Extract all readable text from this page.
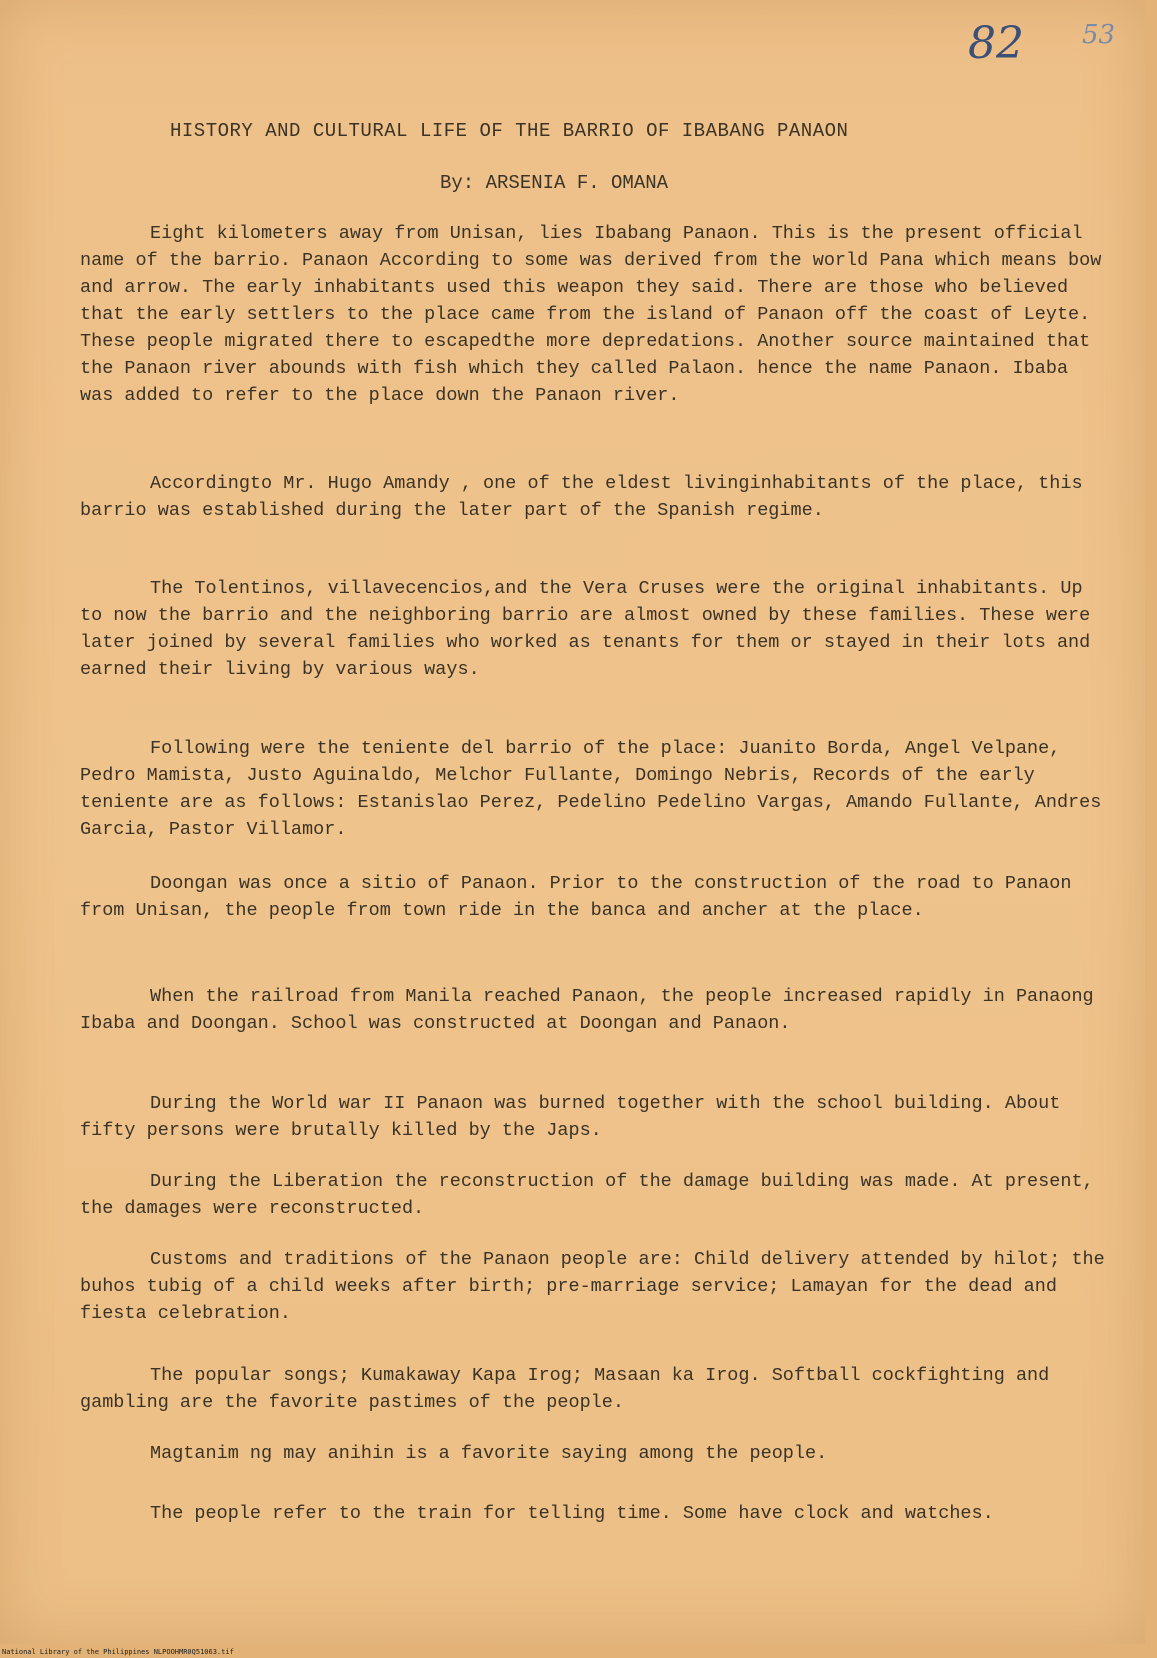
82 53
HISTORY AND CULTURAL LIFE OF THE BARRIO OF IBABANG PANAON
By: ARSENIA F. OMANA

Eight kilometers away from Unisan, lies Ibabang Panaon. This is the present official name of the barrio. Panaon According to some was derived from the world Pana which means bow and arrow. The early inhabitants used this weapon they said. There are those who believed that the early settlers to the place came from the island of Panaon off the coast of Leyte. These people migrated there to escapedthe more depredations. Another source maintained that the Panaon river abounds with fish which they called Palaon. hence the name Panaon. Ibaba was added to refer to the place down the Panaon river.

Accordingto Mr. Hugo Amandy , one of the eldest livinginhabitants of the place, this barrio was established during the later part of the Spanish regime.

The Tolentinos, villavecencios,and the Vera Cruses were the original inhabitants. Up to now the barrio and the neighboring barrio are almost owned by these families. These were later joined by several families who worked as tenants for them or stayed in their lots and earned their living by various ways.

Following were the teniente del barrio of the place: Juanito Borda, Angel Velpane, Pedro Mamista, Justo Aguinaldo, Melchor Fullante, Domingo Nebris, Records of the early teniente are as follows: Estanislao Perez, Pedelino Pedelino Vargas, Amando Fullante, Andres Garcia, Pastor Villamor.

Doongan was once a sitio of Panaon. Prior to the construction of the road to Panaon from Unisan, the people from town ride in the banca and ancher at the place.

When the railroad from Manila reached Panaon, the people increased rapidly in Panaong Ibaba and Doongan. School was constructed at Doongan and Panaon.

During the World war II Panaon was burned together with the school building. About fifty persons were brutally killed by the Japs.

During the Liberation the reconstruction of the damage building was made. At present, the damages were reconstructed.

Customs and traditions of the Panaon people are: Child delivery attended by hilot; the buhos tubig of a child weeks after birth; pre-marriage service; Lamayan for the dead and fiesta celebration.

The popular songs; Kumakaway Kapa Irog; Masaan ka Irog. Softball cockfighting and gambling are the favorite pastimes of the people.

Magtanim ng may anihin is a favorite saying among the people.

The people refer to the train for telling time. Some have clock and watches.

National Library of the Philippines NLPOOHMR0Q51063.tif
